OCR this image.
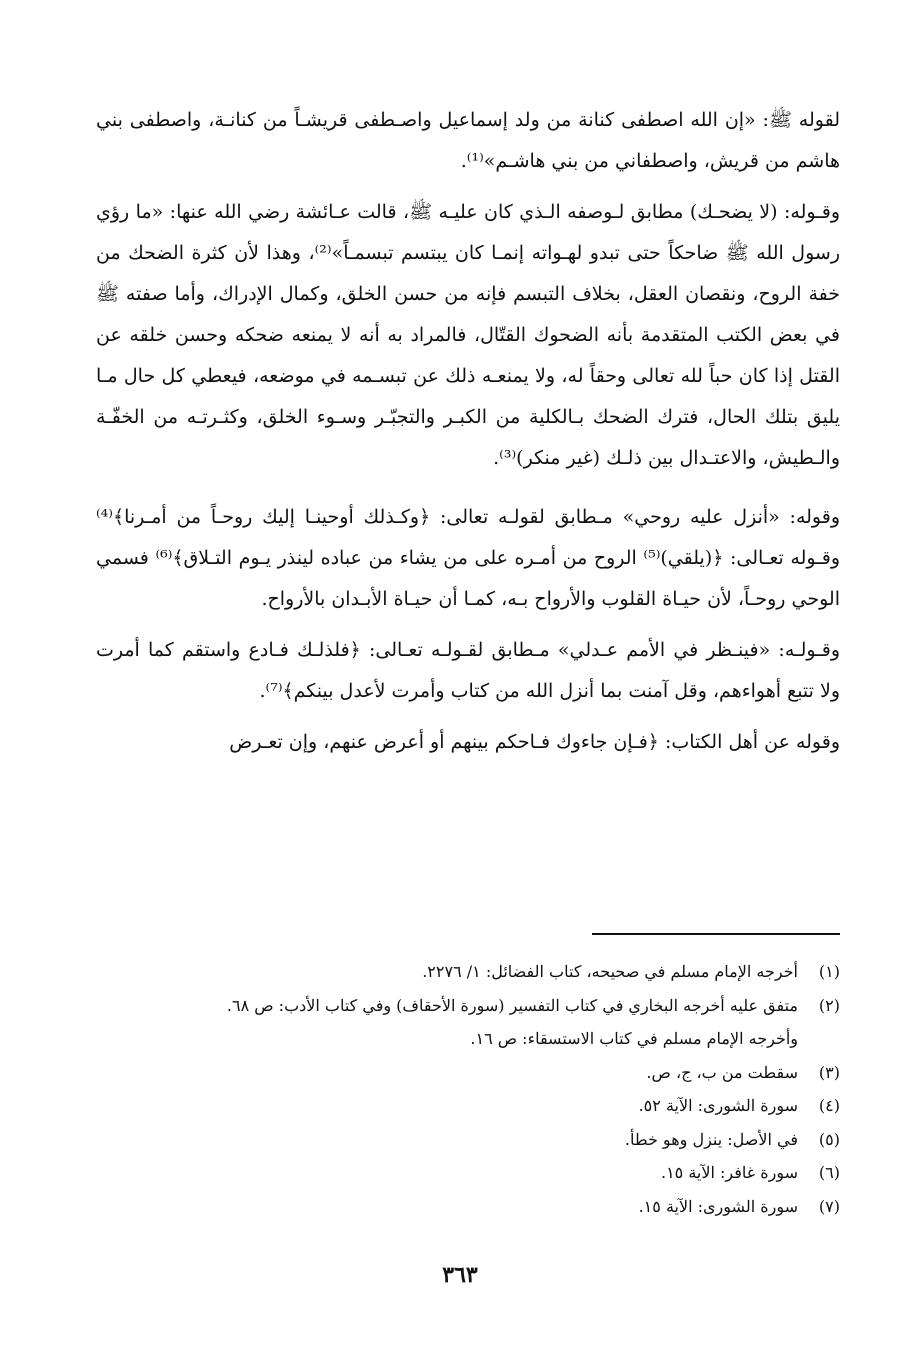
لقوله ﷺ: «إن الله اصطفى كنانة من ولد إسماعيل واصـطفى قريشـاً من كنانـة، واصطفى بني هاشم من قريش، واصطفاني من بني هاشـم»⁽¹⁾.

وقـوله: (لا يضحـك) مطابق لـوصفه الـذي كان عليـه ﷺ، قالت عـائشة رضي الله عنها: «ما رؤي رسول الله ﷺ ضاحكاً حتى تبدو لهـواته إنمـا كان يبتسم تبسمـاً»⁽²⁾، وهذا لأن كثرة الضحك من خفة الروح، ونقصان العقل، بخلاف التبسم فإنه من حسن الخلق، وكمال الإدراك، وأما صفته ﷺ في بعض الكتب المتقدمة بأنه الضحوك القتّال، فالمراد به أنه لا يمنعه ضحكه وحسن خلقه عن القتل إذا كان حباً لله تعالى وحقاً له، ولا يمنعـه ذلك عن تبسـمه في موضعه، فيعطي كل حال مـا يليق بتلك الحال، فترك الضحك بـالكلية من الكبـر والتجبّـر وسـوء الخلق، وكثـرتـه من الخفّـة والـطيش، والاعتـدال بين ذلـك (غير منكر)⁽³⁾.

وقوله: «أنزل عليه روحي» مـطابق لقولـه تعالى: ﴿وكـذلك أوحينـا إليك روحـاً من أمـرنا﴾⁽⁴⁾ وقـوله تعـالى: ﴿(يلقي)⁽⁵⁾ الروح من أمـره على من يشاء من عباده لينذر يـوم التـلاق﴾⁽⁶⁾ فسمي الوحي روحـاً، لأن حيـاة القلوب والأرواح بـه، كمـا أن حيـاة الأبـدان بالأرواح.

وقـولـه: «فينـظر في الأمم عـدلي» مـطابق لقـولـه تعـالى: ﴿فلذلـك فـادع واستقم كما أمرت ولا تتبع أهواءهم، وقل آمنت بما أنزل الله من كتاب وأمرت لأعدل بينكم﴾⁽⁷⁾.

وقوله عن أهل الكتاب: ﴿فـإن جاءوك فـاحكم بينهم أو أعرض عنهم، وإن تعـرض

(١)
أخرجه الإمام مسلم في صحيحه، كتاب الفضائل: ١/ ٢٢٧٦.
(٢)
متفق عليه أخرجه البخاري في كتاب التفسير (سورة الأحقاف) وفي كتاب الأدب: ص ٦٨.
وأخرجه الإمام مسلم في كتاب الاستسقاء: ص ١٦.
(٣)
سقطت من ب، ج، ص.
(٤)
سورة الشورى: الآية ٥٢.
(٥)
في الأصل: ينزل وهو خطأ.
(٦)
سورة غافر: الآية ١٥.
(٧)
سورة الشورى: الآية ١٥.
٣٦٣
